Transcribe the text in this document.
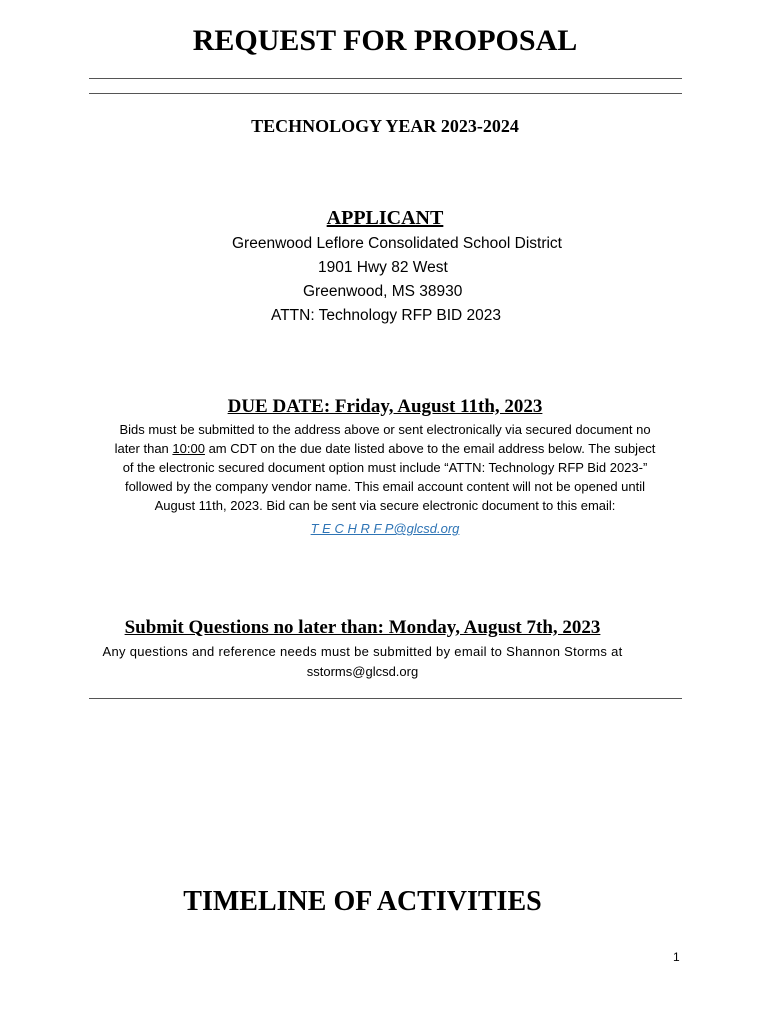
REQUEST FOR PROPOSAL
TECHNOLOGY YEAR 2023-2024
APPLICANT
Greenwood Leflore Consolidated School District
1901 Hwy 82 West
Greenwood, MS 38930
ATTN: Technology RFP BID 2023
DUE DATE: Friday, August 11th, 2023
Bids must be submitted to the address above or sent electronically via secured document no
later than 10:00 am CDT on the due date listed above to the email address below. The subject
of the electronic secured document option must include “ATTN: Technology RFP Bid 2023-”
followed by the company vendor name. This email account content will not be opened until
August 11th, 2023. Bid can be sent via secure electronic document to this email:
T E C H R F P@glcsd.org
Submit Questions no later than: Monday, August 7th, 2023
Any questions and reference needs must be submitted by email to Shannon Storms at
sstorms@glcsd.org
TIMELINE OF ACTIVITIES
1
